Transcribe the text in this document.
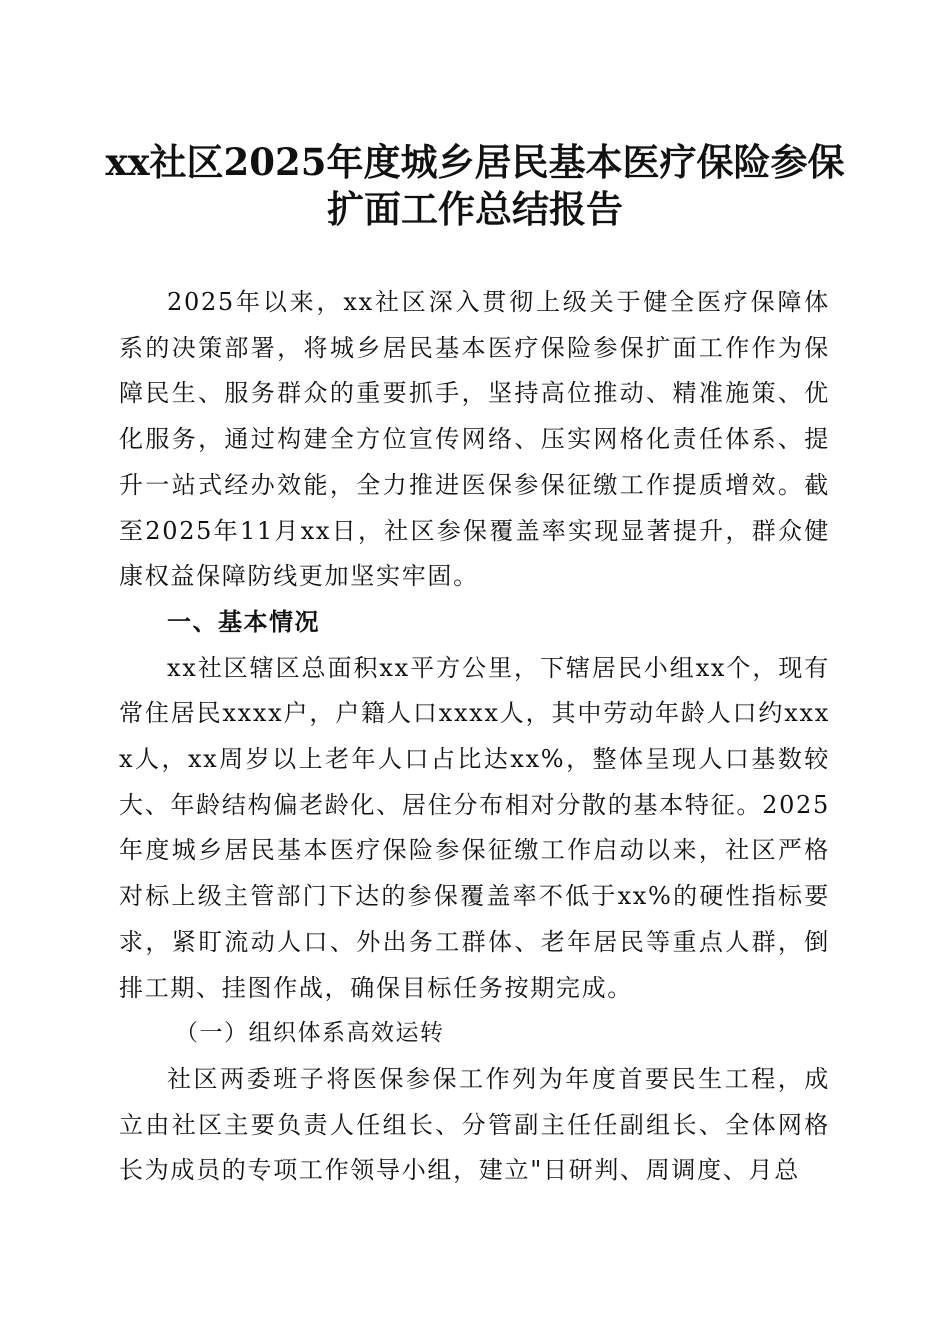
xx社区2025年度城乡居民基本医疗保险参保
扩面工作总结报告

2025年以来，xx社区深入贯彻上级关于健全医疗保障体系的决策部署，将城乡居民基本医疗保险参保扩面工作作为保障民生、服务群众的重要抓手，坚持高位推动、精准施策、优化服务，通过构建全方位宣传网络、压实网格化责任体系、提升一站式经办效能，全力推进医保参保征缴工作提质增效。截至2025年11月xx日，社区参保覆盖率实现显著提升，群众健康权益保障防线更加坚实牢固。

一、基本情况

xx社区辖区总面积xx平方公里，下辖居民小组xx个，现有常住居民xxxx户，户籍人口xxxx人，其中劳动年龄人口约xxxx人，xx周岁以上老年人口占比达xx%，整体呈现人口基数较大、年龄结构偏老龄化、居住分布相对分散的基本特征。2025年度城乡居民基本医疗保险参保征缴工作启动以来，社区严格对标上级主管部门下达的参保覆盖率不低于xx%的硬性指标要求，紧盯流动人口、外出务工群体、老年居民等重点人群，倒排工期、挂图作战，确保目标任务按期完成。

（一）组织体系高效运转

社区两委班子将医保参保工作列为年度首要民生工程，成立由社区主要负责人任组长、分管副主任任副组长、全体网格长为成员的专项工作领导小组，建立"日研判、周调度、月总
